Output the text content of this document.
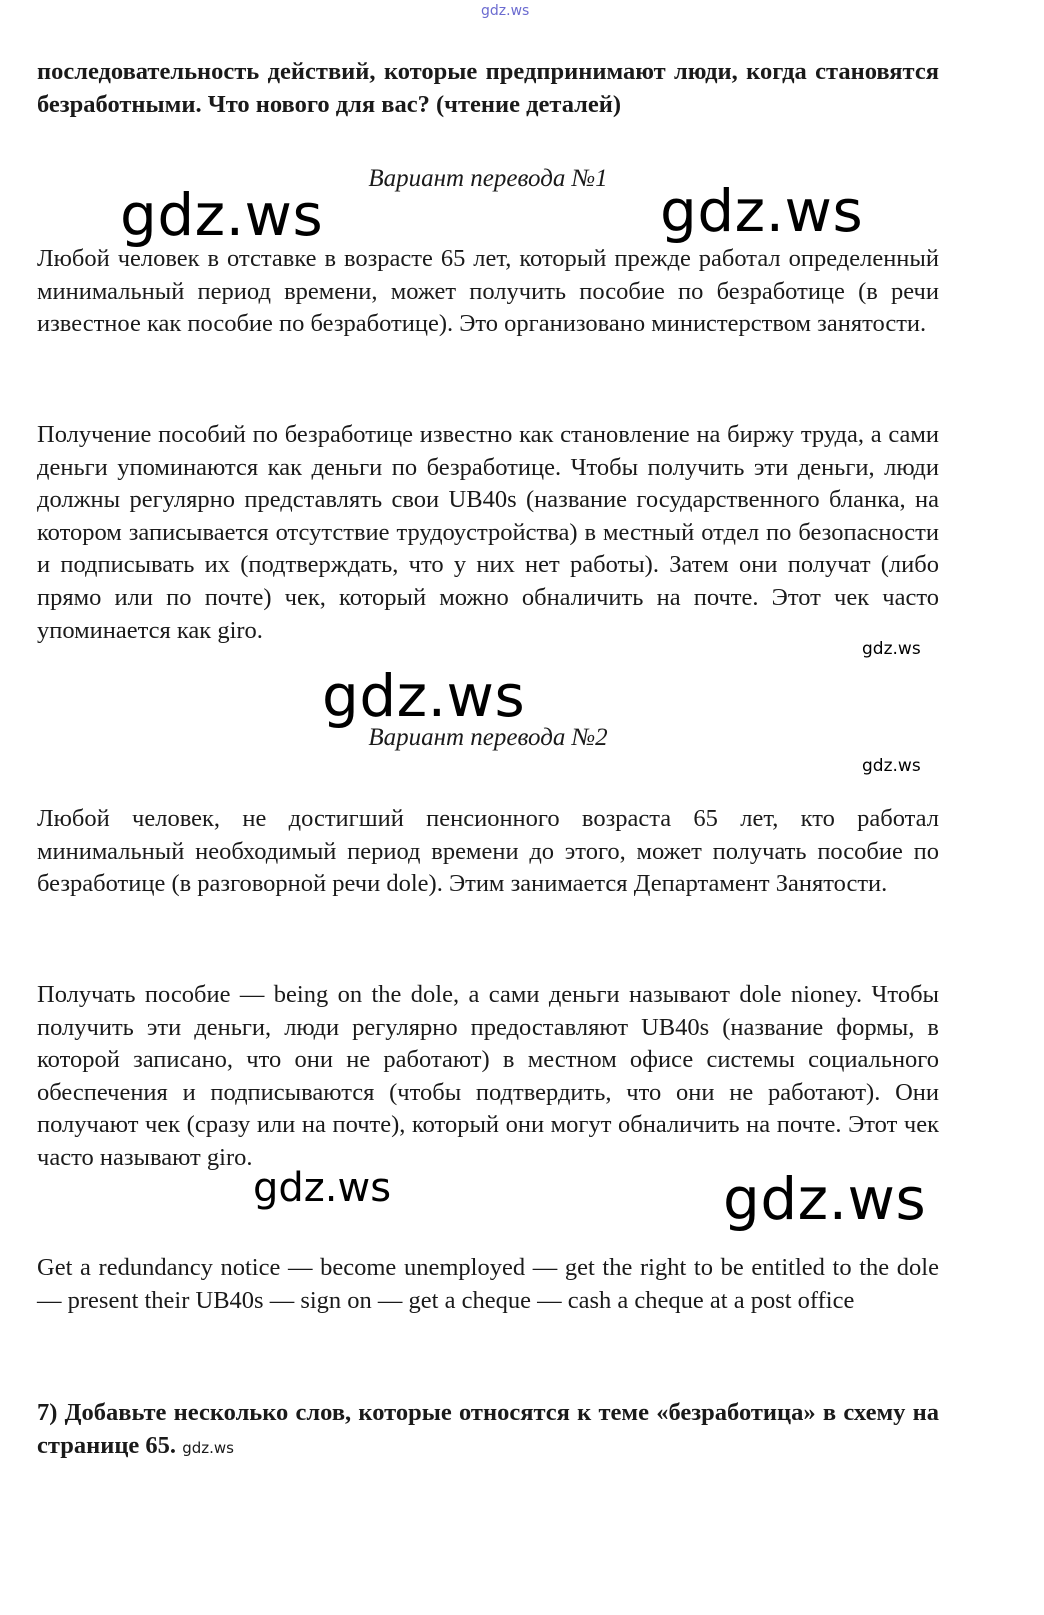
gdz.ws

последовательность действий, которые предпринимают люди, когда становятся безработными. Что нового для вас? (чтение деталей)

Вариант перевода №1

gdz.ws	gdz.ws

Любой человек в отставке в возрасте 65 лет, который прежде работал определенный минимальный период времени, может получить пособие по безработице (в речи известное как пособие по безработице). Это организовано министерством занятости.

Получение пособий по безработице известно как становление на биржу труда, а сами деньги упоминаются как деньги по безработице. Чтобы получить эти деньги, люди должны регулярно представлять свои UB40s (название государственного бланка, на котором записывается отсутствие трудоустройства) в местный отдел по безопасности и подписывать их (подтверждать, что у них нет работы). Затем они получат (либо прямо или по почте) чек, который можно обналичить на почте. Этот чек часто упоминается как giro.

gdz.ws
gdz.ws

Вариант перевода №2

gdz.ws

Любой человек, не достигший пенсионного возраста 65 лет, кто работал минимальный необходимый период времени до этого, может получать пособие по безработице (в разговорной речи dole). Этим занимается Департамент Занятости.

Получать пособие — being on the dole, а сами деньги называют dole nioney. Чтобы получить эти деньги, люди регулярно предоставляют UB40s (название формы, в которой записано, что они не работают) в местном офисе системы социального обеспечения и подписываются (чтобы подтвердить, что они не работают). Они получают чек (сразу или на почте), который они могут обналичить на почте. Этот чек часто называют giro.

gdz.ws	gdz.ws

Get a redundancy notice — become unemployed — get the right to be entitled to the dole — present their UB40s — sign on — get a cheque — cash a cheque at a post office

7) Добавьте несколько слов, которые относятся к теме «безработица» в схему на странице 65. gdz.ws
